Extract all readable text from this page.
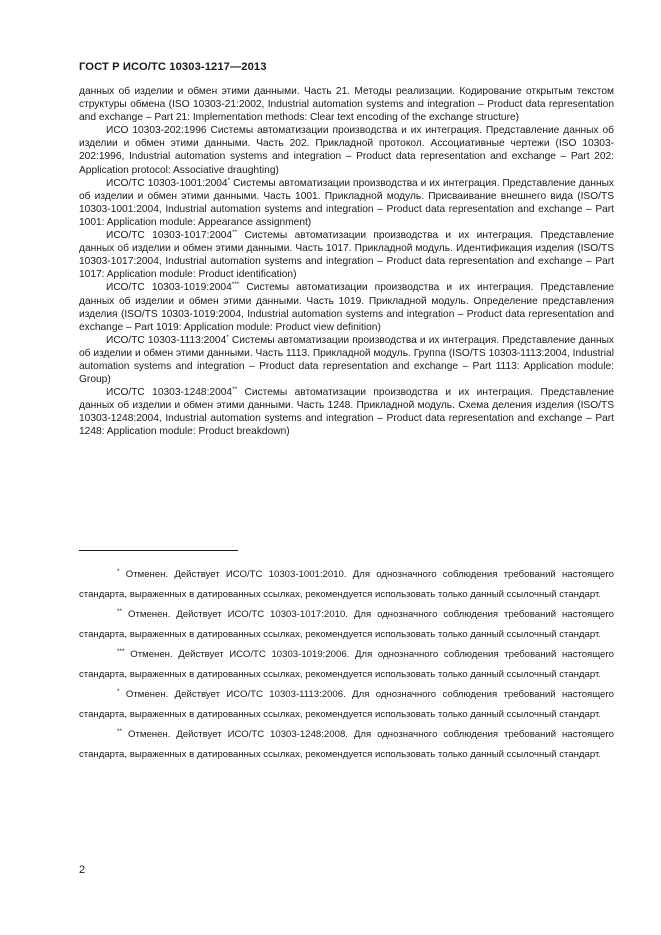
ГОСТ Р ИСО/ТС 10303-1217—2013

данных об изделии и обмен этими данными. Часть 21. Методы реализации. Кодирование открытым текстом структуры обмена (ISO 10303-21:2002, Industrial automation systems and integration – Product data representation and exchange – Part 21: Implementation methods: Clear text encoding of the exchange structure)

ИСО 10303-202:1996 Системы автоматизации производства и их интеграция. Представление данных об изделии и обмен этими данными. Часть 202. Прикладной протокол. Ассоциативные чертежи (ISO 10303-202:1996, Industrial automation systems and integration – Product data representation and exchange – Part 202: Application protocol: Associative draughting)

ИСО/ТС 10303-1001:2004* Системы автоматизации производства и их интеграция. Представление данных об изделии и обмен этими данными. Часть 1001. Прикладной модуль. Присваивание внешнего вида (ISO/TS 10303-1001:2004, Industrial automation systems and integration – Product data representation and exchange – Part 1001: Application module: Appearance assignment)

ИСО/ТС 10303-1017:2004** Системы автоматизации производства и их интеграция. Представление данных об изделии и обмен этими данными. Часть 1017. Прикладной модуль. Идентификация изделия (ISO/TS 10303-1017:2004, Industrial automation systems and integration – Product data representation and exchange – Part 1017: Application module: Product identification)

ИСО/ТС 10303-1019:2004*** Системы автоматизации производства и их интеграция. Представление данных об изделии и обмен этими данными. Часть 1019. Прикладной модуль. Определение представления изделия (ISO/TS 10303-1019:2004, Industrial automation systems and integration – Product data representation and exchange – Part 1019: Application module: Product view definition)

ИСО/ТС 10303-1113:2004* Системы автоматизации производства и их интеграция. Представление данных об изделии и обмен этими данными. Часть 1113. Прикладной модуль. Группа (ISO/TS 10303-1113:2004, Industrial automation systems and integration – Product data representation and exchange – Part 1113: Application module: Group)

ИСО/ТС 10303-1248:2004** Системы автоматизации производства и их интеграция. Представление данных об изделии и обмен этими данными. Часть 1248. Прикладной модуль. Схема деления изделия (ISO/TS 10303-1248:2004, Industrial automation systems and integration – Product data representation and exchange – Part 1248: Application module: Product breakdown)

* Отменен. Действует ИСО/ТС 10303-1001:2010. Для однозначного соблюдения требований настоящего стандарта, выраженных в датированных ссылках, рекомендуется использовать только данный ссылочный стандарт.

** Отменен. Действует ИСО/ТС 10303-1017:2010. Для однозначного соблюдения требований настоящего стандарта, выраженных в датированных ссылках, рекомендуется использовать только данный ссылочный стандарт.

*** Отменен. Действует ИСО/ТС 10303-1019:2006. Для однозначного соблюдения требований настоящего стандарта, выраженных в датированных ссылках, рекомендуется использовать только данный ссылочный стандарт.

* Отменен. Действует ИСО/ТС 10303-1113:2006. Для однозначного соблюдения требований настоящего стандарта, выраженных в датированных ссылках, рекомендуется использовать только данный ссылочный стандарт.

** Отменен. Действует ИСО/ТС 10303-1248:2008. Для однозначного соблюдения требований настоящего стандарта, выраженных в датированных ссылках, рекомендуется использовать только данный ссылочный стандарт.

2
